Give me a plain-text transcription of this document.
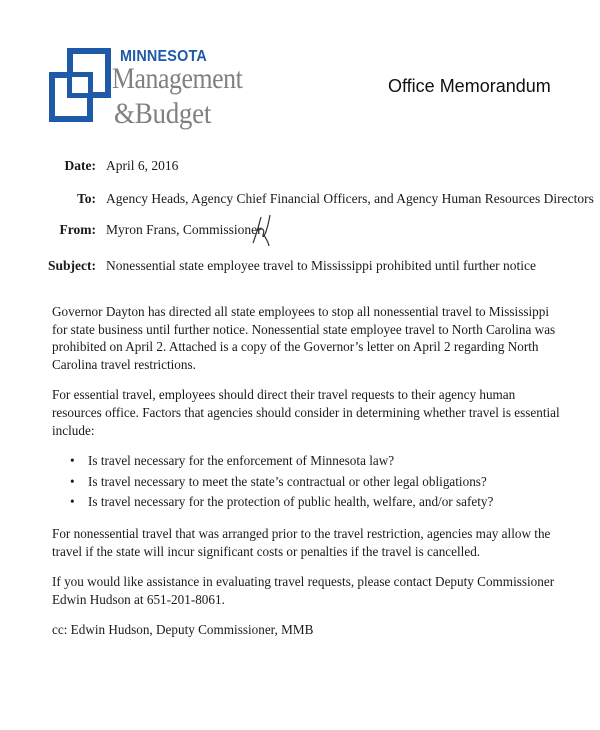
MINNESOTA
Management
&Budget
Office Memorandum
Date: April 6, 2016
To: Agency Heads, Agency Chief Financial Officers, and Agency Human Resources Directors
From: Myron Frans, Commissioner
Subject: Nonessential state employee travel to Mississippi prohibited until further notice

Governor Dayton has directed all state employees to stop all nonessential travel to Mississippi for state business until further notice. Nonessential state employee travel to North Carolina was prohibited on April 2. Attached is a copy of the Governor’s letter on April 2 regarding North Carolina travel restrictions.

For essential travel, employees should direct their travel requests to their agency human resources office. Factors that agencies should consider in determining whether travel is essential include:

• Is travel necessary for the enforcement of Minnesota law?
• Is travel necessary to meet the state’s contractual or other legal obligations?
• Is travel necessary for the protection of public health, welfare, and/or safety?

For nonessential travel that was arranged prior to the travel restriction, agencies may allow the travel if the state will incur significant costs or penalties if the travel is cancelled.

If you would like assistance in evaluating travel requests, please contact Deputy Commissioner Edwin Hudson at 651-201-8061.

cc: Edwin Hudson, Deputy Commissioner, MMB
